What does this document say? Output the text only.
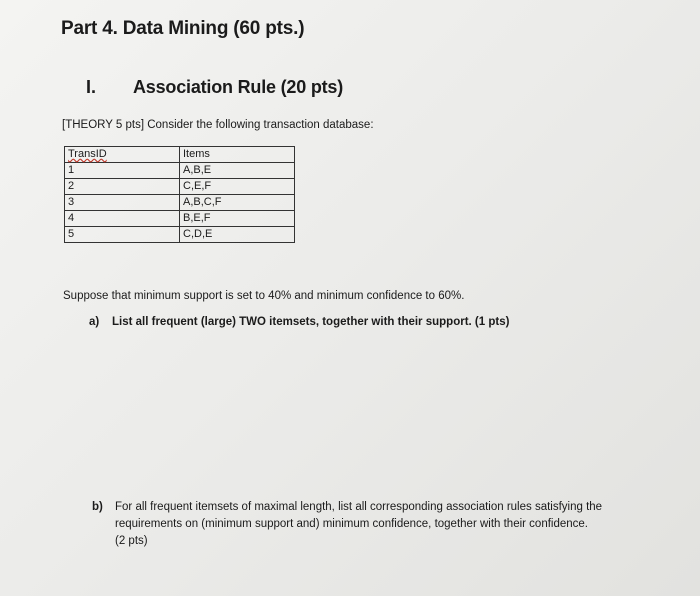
Part 4. Data Mining (60 pts.)
I. Association Rule (20 pts)
[THEORY 5 pts] Consider the following transaction database:
TransID	Items
1	A,B,E
2	C,E,F
3	A,B,C,F
4	B,E,F
5	C,D,E
Suppose that minimum support is set to 40% and minimum confidence to 60%.
a) List all frequent (large) TWO itemsets, together with their support. (1 pts)
b) For all frequent itemsets of maximal length, list all corresponding association rules satisfying the
requirements on (minimum support and) minimum confidence, together with their confidence.
(2 pts)
